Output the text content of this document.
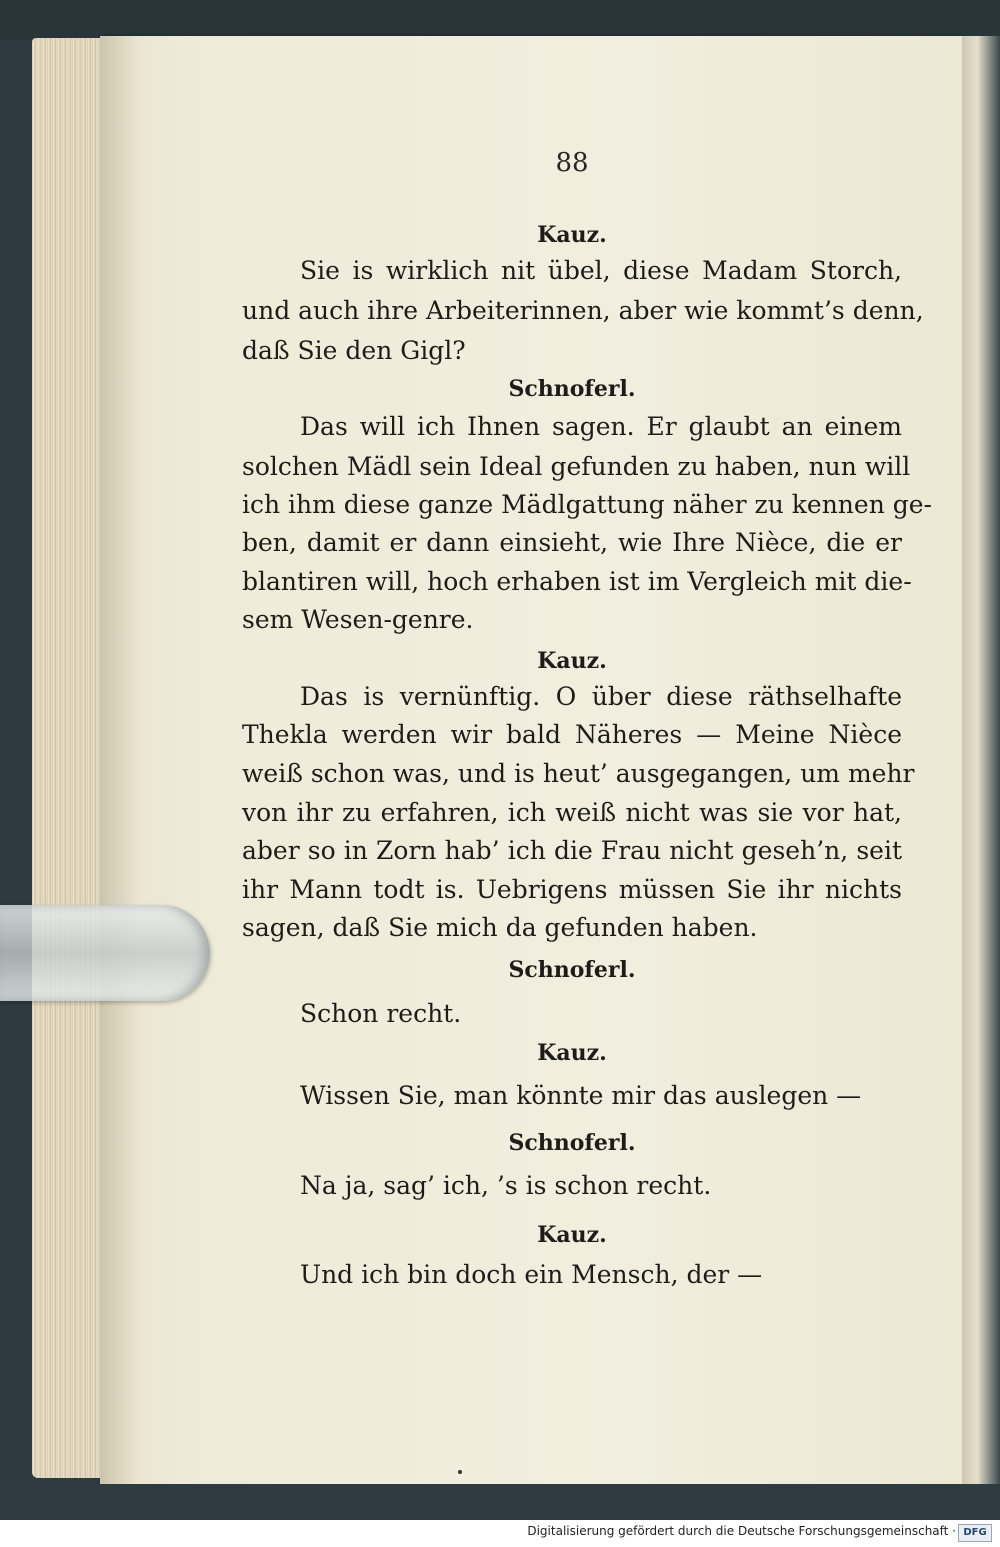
88
Kauz.
Sie is wirklich nit übel, diese Madam Storch,
und auch ihre Arbeiterinnen, aber wie kommt’s denn,
daß Sie den Gigl?
Schnoferl.
Das will ich Ihnen sagen. Er glaubt an einem
solchen Mädl sein Ideal gefunden zu haben, nun will
ich ihm diese ganze Mädlgattung näher zu kennen ge-
ben, damit er dann einsieht, wie Ihre Nièce, die er
blantiren will, hoch erhaben ist im Vergleich mit die-
sem Wesen-genre.
Kauz.
Das is vernünftig. O über diese räthselhafte
Thekla werden wir bald Näheres — Meine Nièce
weiß schon was, und is heut’ ausgegangen, um mehr
von ihr zu erfahren, ich weiß nicht was sie vor hat,
aber so in Zorn hab’ ich die Frau nicht geseh’n, seit
ihr Mann todt is. Uebrigens müssen Sie ihr nichts
sagen, daß Sie mich da gefunden haben.
Schnoferl.
Schon recht.
Kauz.
Wissen Sie, man könnte mir das auslegen —
Schnoferl.
Na ja, sag’ ich, ’s is schon recht.
Kauz.
Und ich bin doch ein Mensch, der —
Digitalisierung gefördert durch die Deutsche Forschungsgemeinschaft · DFG
